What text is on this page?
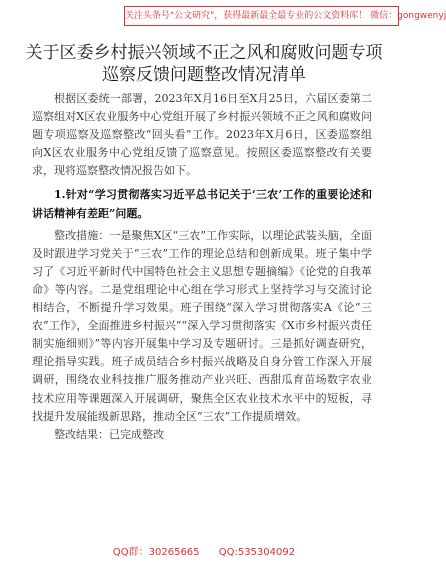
关注头条号"公文研究"，获得最新最全最专业的公文资料库！ 微信：gongwenyj
关于区委乡村振兴领域不正之风和腐败问题专项巡察反馈问题整改情况清单

根据区委统一部署，2023年X月16日至X月25日，六届区委第二巡察组对X区农业服务中心党组开展了乡村振兴领域不正之风和腐败问题专项巡察及巡察整改“回头看”工作。2023年X月6日，区委巡察组向X区农业服务中心党组反馈了巡察意见。按照区委巡察整改有关要求，现将巡察整改情况报告如下。

1.针对“学习贯彻落实习近平总书记关于‘三农’工作的重要论述和讲话精神有差距”问题。

整改措施：一是聚焦X区“三农”工作实际，以理论武装头脑，全面及时跟进学习党关于“三农”工作的理论总结和创新成果。班子集中学习了《习近平新时代中国特色社会主义思想专题摘编》《论党的自我革命》等内容。二是党组理论中心组在学习形式上坚持学习与交流讨论相结合，不断提升学习效果。班子围绕“深入学习贯彻落实A《论“三农”工作》，全面推进乡村振兴”“深入学习贯彻落实《X市乡村振兴责任制实施细则》”等内容开展集中学习及专题研讨。三是抓好调查研究，理论指导实践。班子成员结合乡村振兴战略及自身分管工作深入开展调研，围绕农业科技推广服务推动产业兴旺、西甜瓜育苗场数字农业技术应用等课题深入开展调研，聚焦全区农业技术水平中的短板，寻找提升发展能级新思路，推动全区“三农”工作提质增效。

整改结果：已完成整改

QQ群：30265665 QQ:535304092
